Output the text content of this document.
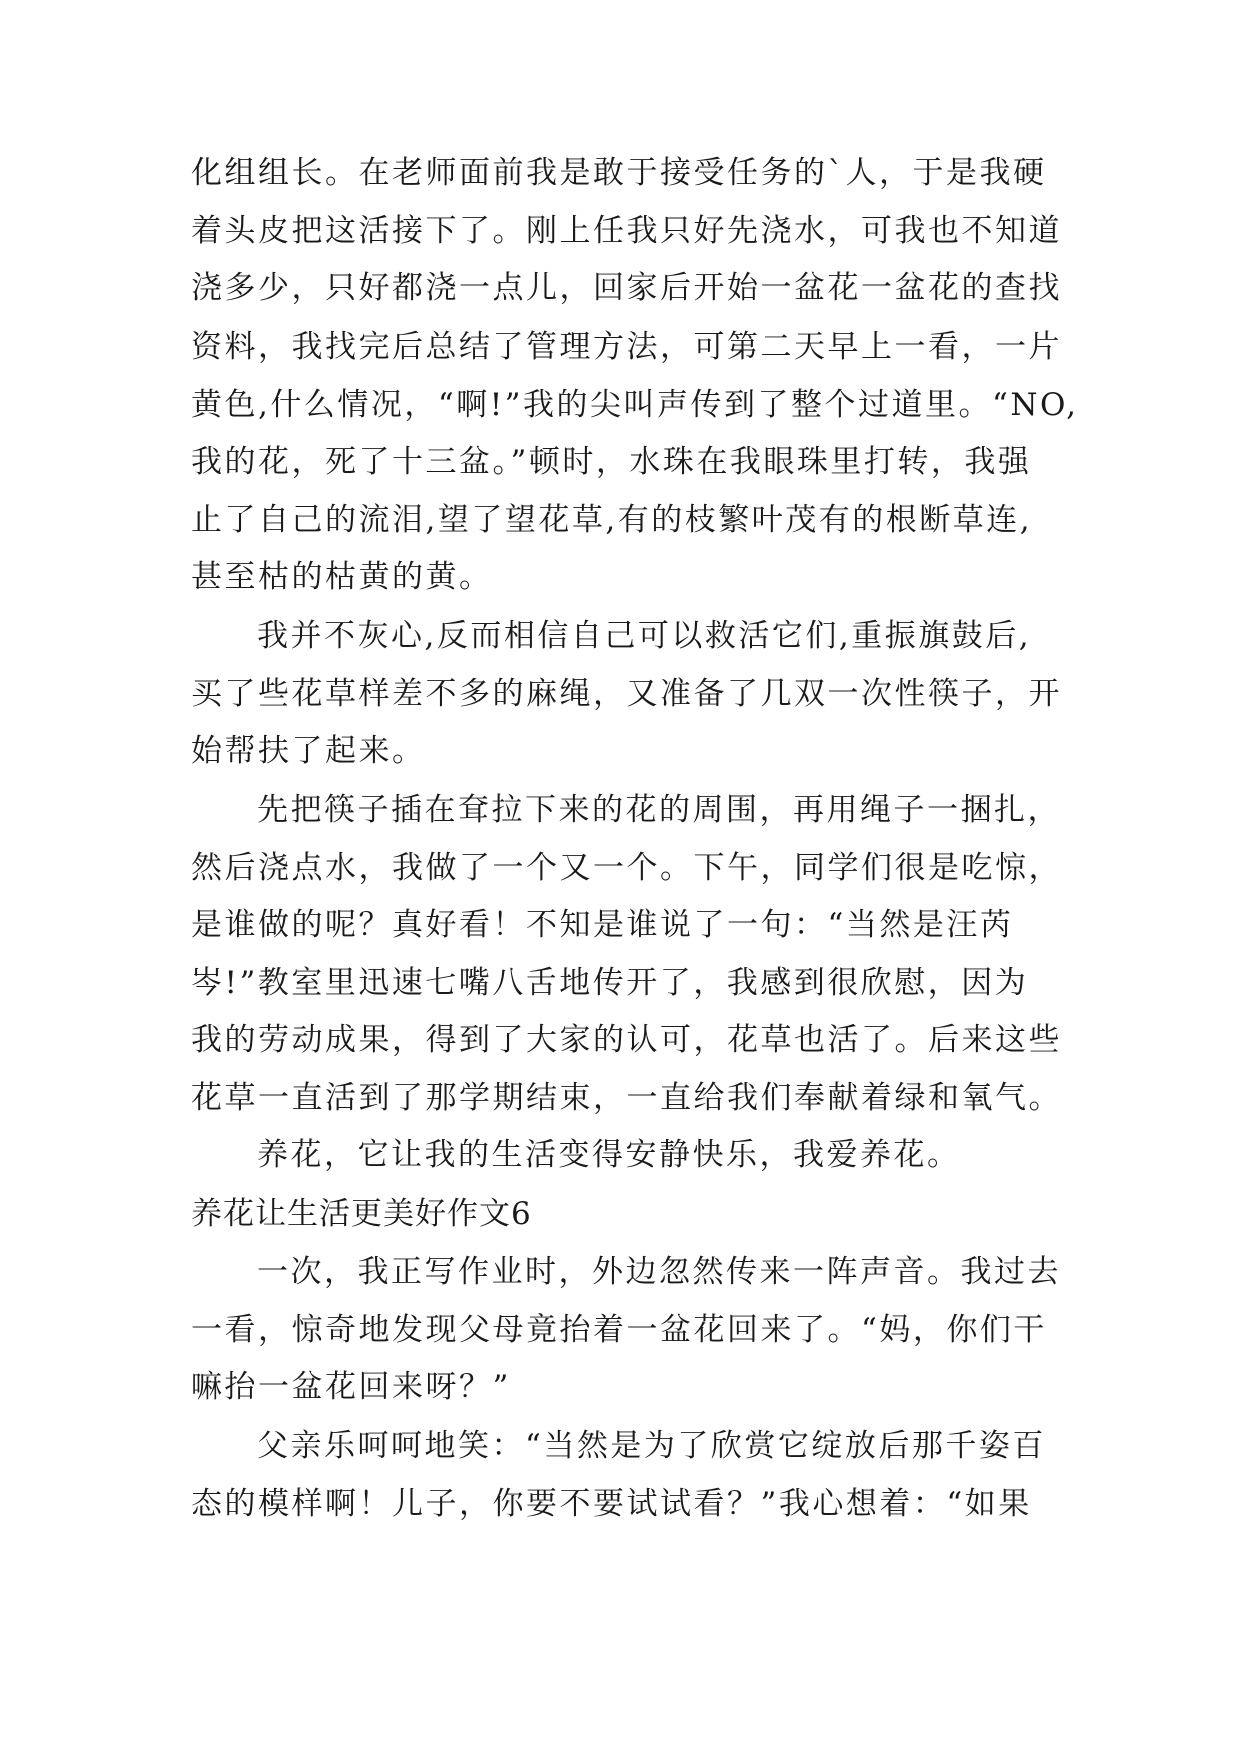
化组组长。在老师面前我是敢于接受任务的`人，于是我硬
着头皮把这活接下了。刚上任我只好先浇水，可我也不知道
浇多少，只好都浇一点儿，回家后开始一盆花一盆花的查找
资料，我找完后总结了管理方法，可第二天早上一看，一片
黄色,什么情况，“啊!”我的尖叫声传到了整个过道里。“NO,
我的花，死了十三盆。”顿时，水珠在我眼珠里打转，我强
止了自己的流泪,望了望花草,有的枝繁叶茂有的根断草连,
甚至枯的枯黄的黄。
我并不灰心,反而相信自己可以救活它们,重振旗鼓后,
买了些花草样差不多的麻绳，又准备了几双一次性筷子，开
始帮扶了起来。
先把筷子插在耷拉下来的花的周围，再用绳子一捆扎，
然后浇点水，我做了一个又一个。下午，同学们很是吃惊，
是谁做的呢？真好看！不知是谁说了一句：“当然是汪芮
岑!”教室里迅速七嘴八舌地传开了，我感到很欣慰，因为
我的劳动成果，得到了大家的认可，花草也活了。后来这些
花草一直活到了那学期结束，一直给我们奉献着绿和氧气。
养花，它让我的生活变得安静快乐，我爱养花。
养花让生活更美好作文6
一次，我正写作业时，外边忽然传来一阵声音。我过去
一看，惊奇地发现父母竟抬着一盆花回来了。“妈，你们干
嘛抬一盆花回来呀？”
父亲乐呵呵地笑：“当然是为了欣赏它绽放后那千姿百
态的模样啊！儿子，你要不要试试看？”我心想着：“如果
